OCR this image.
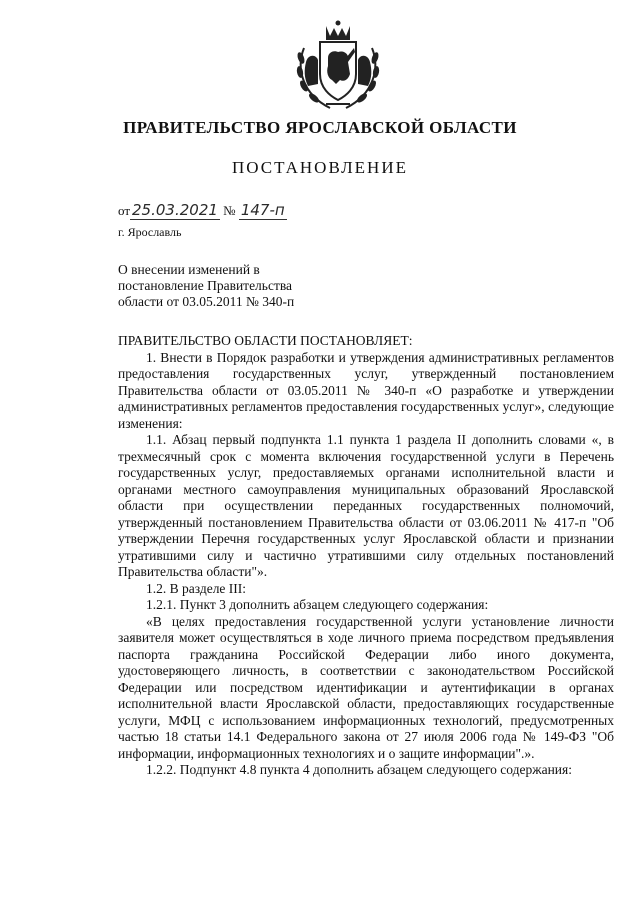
ПРАВИТЕЛЬСТВО ЯРОСЛАВСКОЙ ОБЛАСТИ
ПОСТАНОВЛЕНИЕ
от 25.03.2021 № 147-п
г. Ярославль
О внесении изменений в
постановление Правительства
области от 03.05.2011 № 340-п

ПРАВИТЕЛЬСТВО ОБЛАСТИ ПОСТАНОВЛЯЕТ:

1. Внести в Порядок разработки и утверждения административных регламентов предоставления государственных услуг, утвержденный постановлением Правительства области от 03.05.2011 № 340-п «О разработке и утверждении административных регламентов предоставления государственных услуг», следующие изменения:

1.1. Абзац первый подпункта 1.1 пункта 1 раздела II дополнить словами «, в трехмесячный срок с момента включения государственной услуги в Перечень государственных услуг, предоставляемых органами исполнительной власти и органами местного самоуправления муниципальных образований Ярославской области при осуществлении переданных государственных полномочий, утвержденный постановлением Правительства области от 03.06.2011 № 417-п "Об утверждении Перечня государственных услуг Ярославской области и признании утратившими силу и частично утратившими силу отдельных постановлений Правительства области"».

1.2. В разделе III:

1.2.1. Пункт 3 дополнить абзацем следующего содержания:

«В целях предоставления государственной услуги установление личности заявителя может осуществляться в ходе личного приема посредством предъявления паспорта гражданина Российской Федерации либо иного документа, удостоверяющего личность, в соответствии с законодательством Российской Федерации или посредством идентификации и аутентификации в органах исполнительной власти Ярославской области, предоставляющих государственные услуги, МФЦ с использованием информационных технологий, предусмотренных частью 18 статьи 14.1 Федерального закона от 27 июля 2006 года № 149-ФЗ "Об информации, информационных технологиях и о защите информации".».

1.2.2. Подпункт 4.8 пункта 4 дополнить абзацем следующего содержания:
